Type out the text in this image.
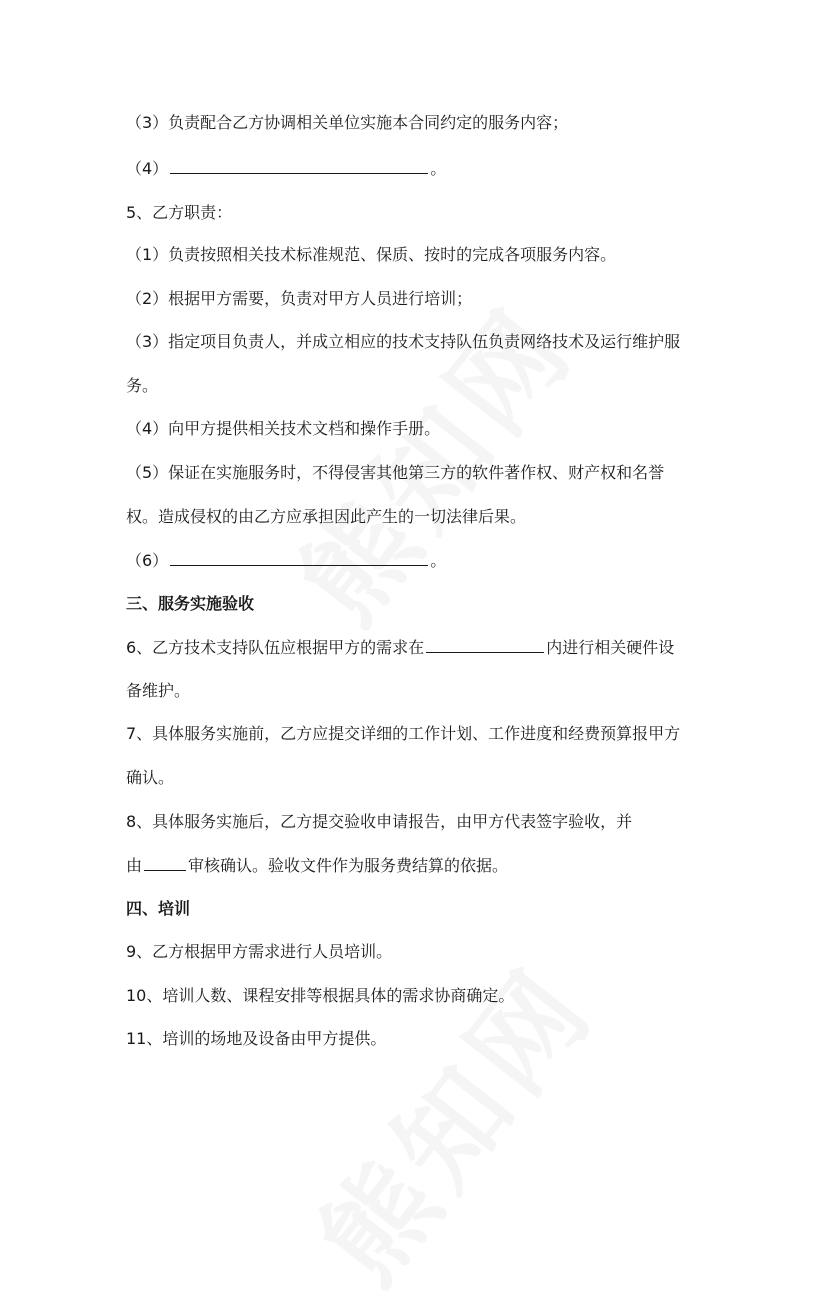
（3）负责配合乙方协调相关单位实施本合同约定的服务内容；
（4）	。
5、乙方职责：
（1）负责按照相关技术标准规范、保质、按时的完成各项服务内容。
（2）根据甲方需要，负责对甲方人员进行培训；
（3）指定项目负责人，并成立相应的技术支持队伍负责网络技术及运行维护服
务。
（4）向甲方提供相关技术文档和操作手册。
（5）保证在实施服务时，不得侵害其他第三方的软件著作权、财产权和名誉
权。造成侵权的由乙方应承担因此产生的一切法律后果。
（6）	。
三、服务实施验收
6、乙方技术支持队伍应根据甲方的需求在	内进行相关硬件设
备维护。
7、具体服务实施前，乙方应提交详细的工作计划、工作进度和经费预算报甲方
确认。
8、具体服务实施后，乙方提交验收申请报告，由甲方代表签字验收，并
由	审核确认。验收文件作为服务费结算的依据。
四、培训
9、乙方根据甲方需求进行人员培训。
10、培训人数、课程安排等根据具体的需求协商确定。
11、培训的场地及设备由甲方提供。
